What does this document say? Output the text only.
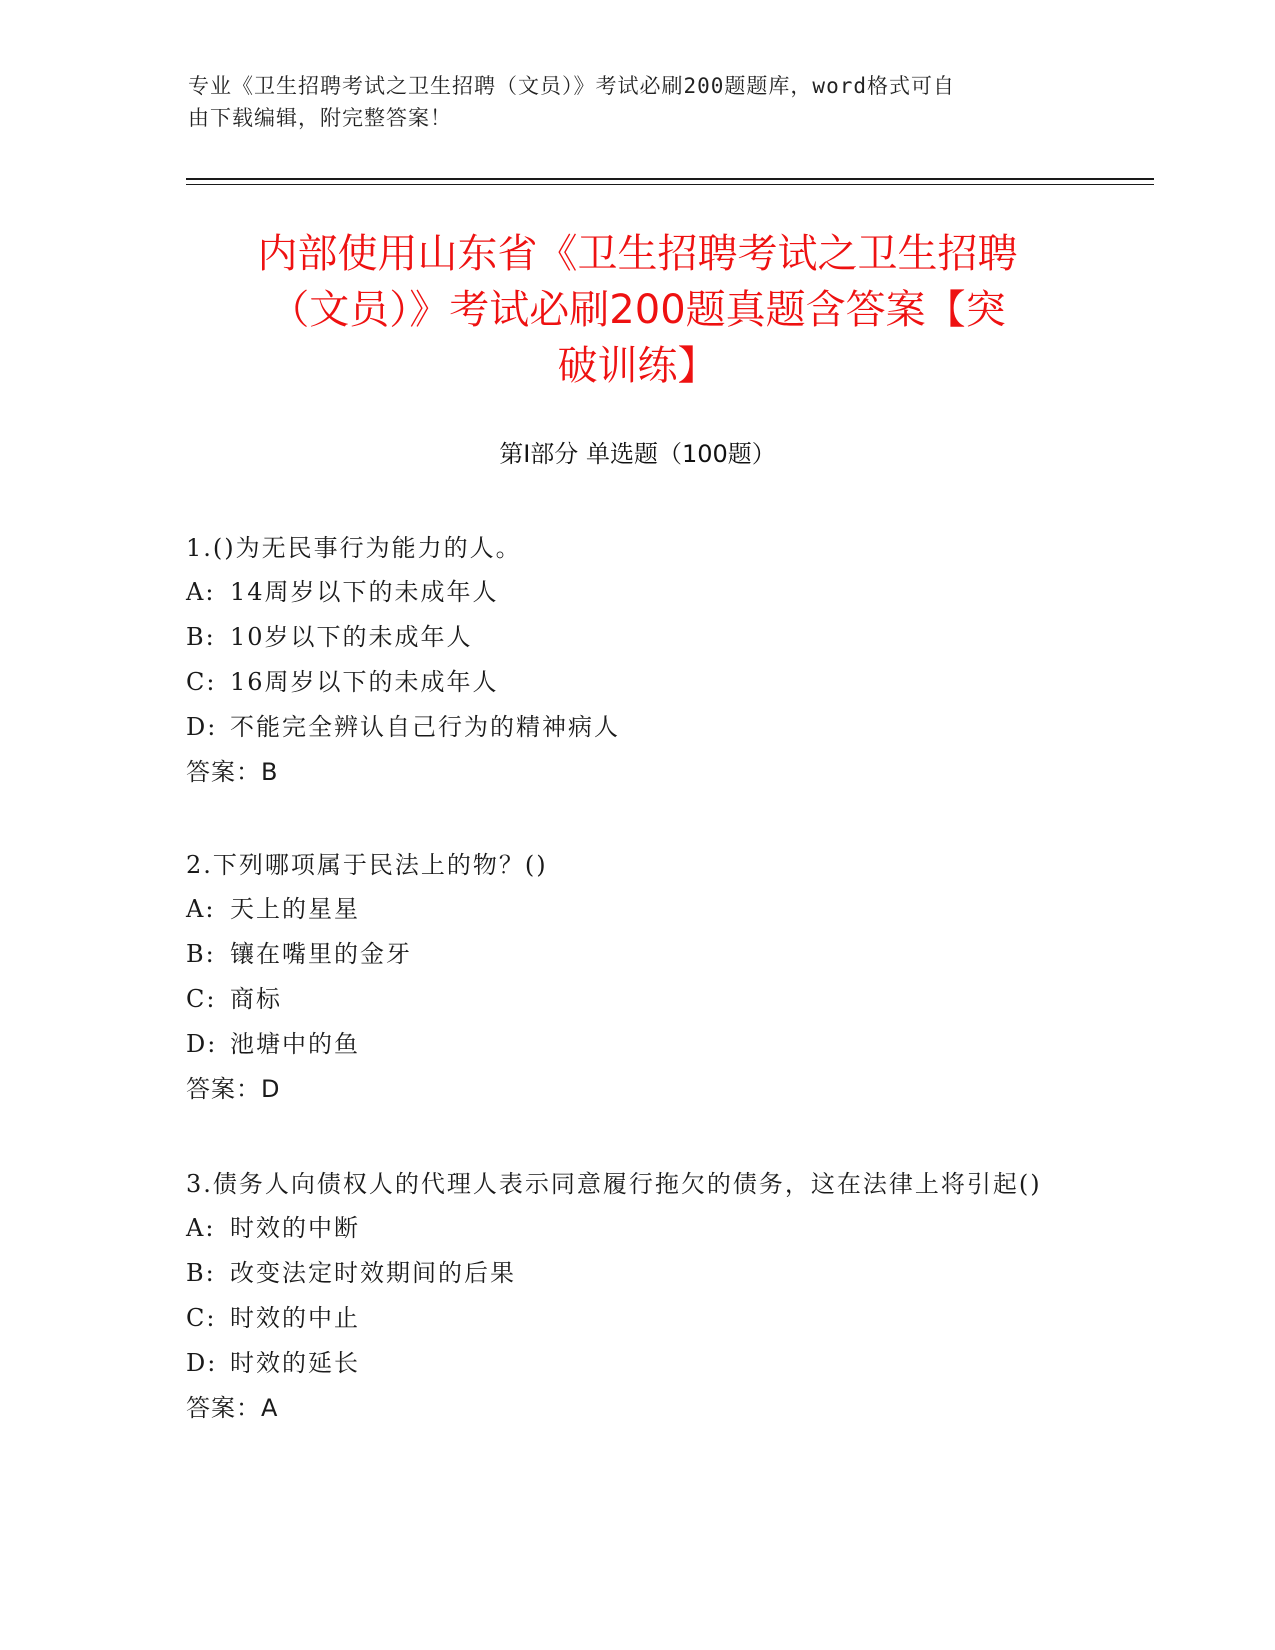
专业《卫生招聘考试之卫生招聘（文员）》考试必刷200题题库，word格式可自
由下载编辑，附完整答案！
内部使用山东省《卫生招聘考试之卫生招聘
（文员）》考试必刷200题真题含答案【突
破训练】
第Ⅰ部分 单选题（100题）

1.()为无民事行为能力的人。

A: 14周岁以下的未成年人

B: 10岁以下的未成年人

C: 16周岁以下的未成年人

D: 不能完全辨认自己行为的精神病人

答案：B

2.下列哪项属于民法上的物？()

A: 天上的星星

B: 镶在嘴里的金牙

C: 商标

D: 池塘中的鱼

答案：D

3.债务人向债权人的代理人表示同意履行拖欠的债务，这在法律上将引起()

A: 时效的中断

B: 改变法定时效期间的后果

C: 时效的中止

D: 时效的延长

答案：A
